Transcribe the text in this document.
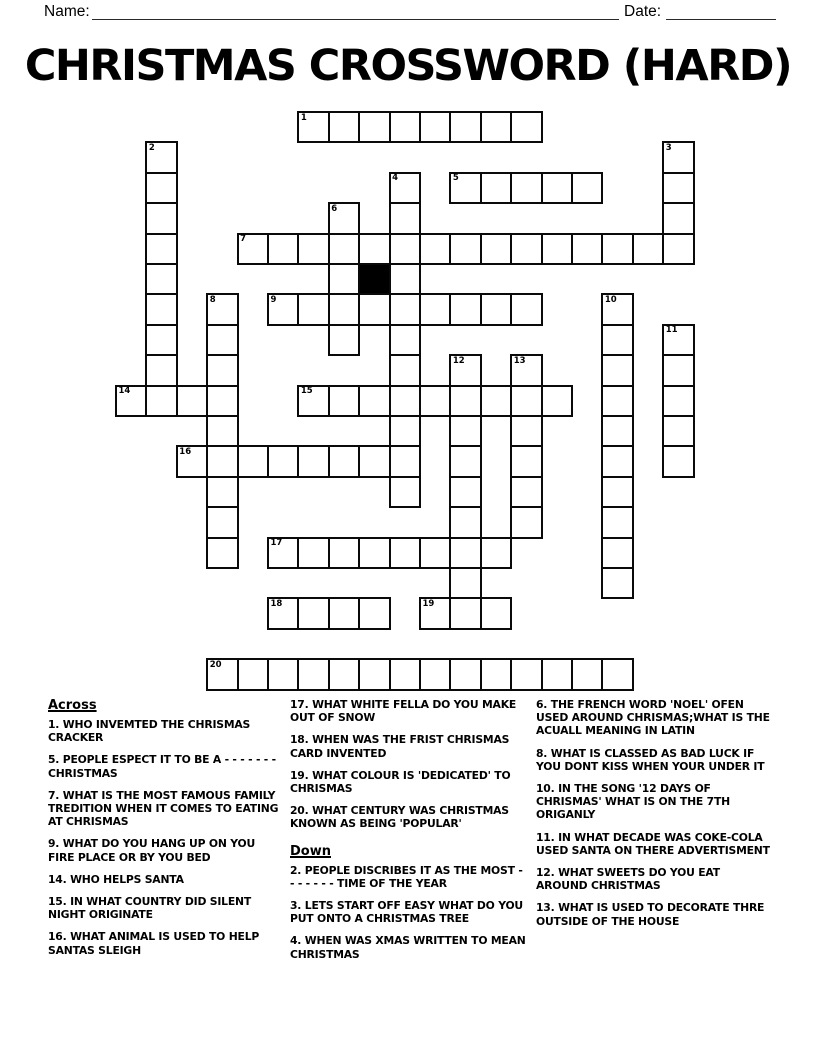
Name:	Date:
CHRISTMAS CROSSWORD (HARD)
1
2	3
4	5
6
7
8	9	10
11
12	13
14	15
16
17
18	19
20
Across
1. WHO INVEMTED THE CHRISMAS CRACKER
5. PEOPLE ESPECT IT TO BE A - - - - - - - CHRISTMAS
7. WHAT IS THE MOST FAMOUS FAMILY TREDITION WHEN IT COMES TO EATING AT CHRISMAS
9. WHAT DO YOU HANG UP ON YOU FIRE PLACE OR BY YOU BED
14. WHO HELPS SANTA
15. IN WHAT COUNTRY DID SILENT NIGHT ORIGINATE
16. WHAT ANIMAL IS USED TO HELP SANTAS SLEIGH
17. WHAT WHITE FELLA DO YOU MAKE OUT OF SNOW
18. WHEN WAS THE FRIST CHRISMAS CARD INVENTED
19. WHAT COLOUR IS 'DEDICATED' TO CHRISMAS
20. WHAT CENTURY WAS CHRISTMAS KNOWN AS BEING 'POPULAR'
Down
2. PEOPLE DISCRIBES IT AS THE MOST - - - - - - - TIME OF THE YEAR
3. LETS START OFF EASY WHAT DO YOU PUT ONTO A CHRISTMAS TREE
4. WHEN WAS XMAS WRITTEN TO MEAN CHRISTMAS
6. THE FRENCH WORD 'NOEL' OFEN USED AROUND CHRISMAS;WHAT IS THE ACUALL MEANING IN LATIN
8. WHAT IS CLASSED AS BAD LUCK IF YOU DONT KISS WHEN YOUR UNDER IT
10. IN THE SONG '12 DAYS OF CHRISMAS' WHAT IS ON THE 7TH ORIGANLY
11. IN WHAT DECADE WAS COKE-COLA USED SANTA ON THERE ADVERTISMENT
12. WHAT SWEETS DO YOU EAT AROUND CHRISTMAS
13. WHAT IS USED TO DECORATE THRE OUTSIDE OF THE HOUSE
